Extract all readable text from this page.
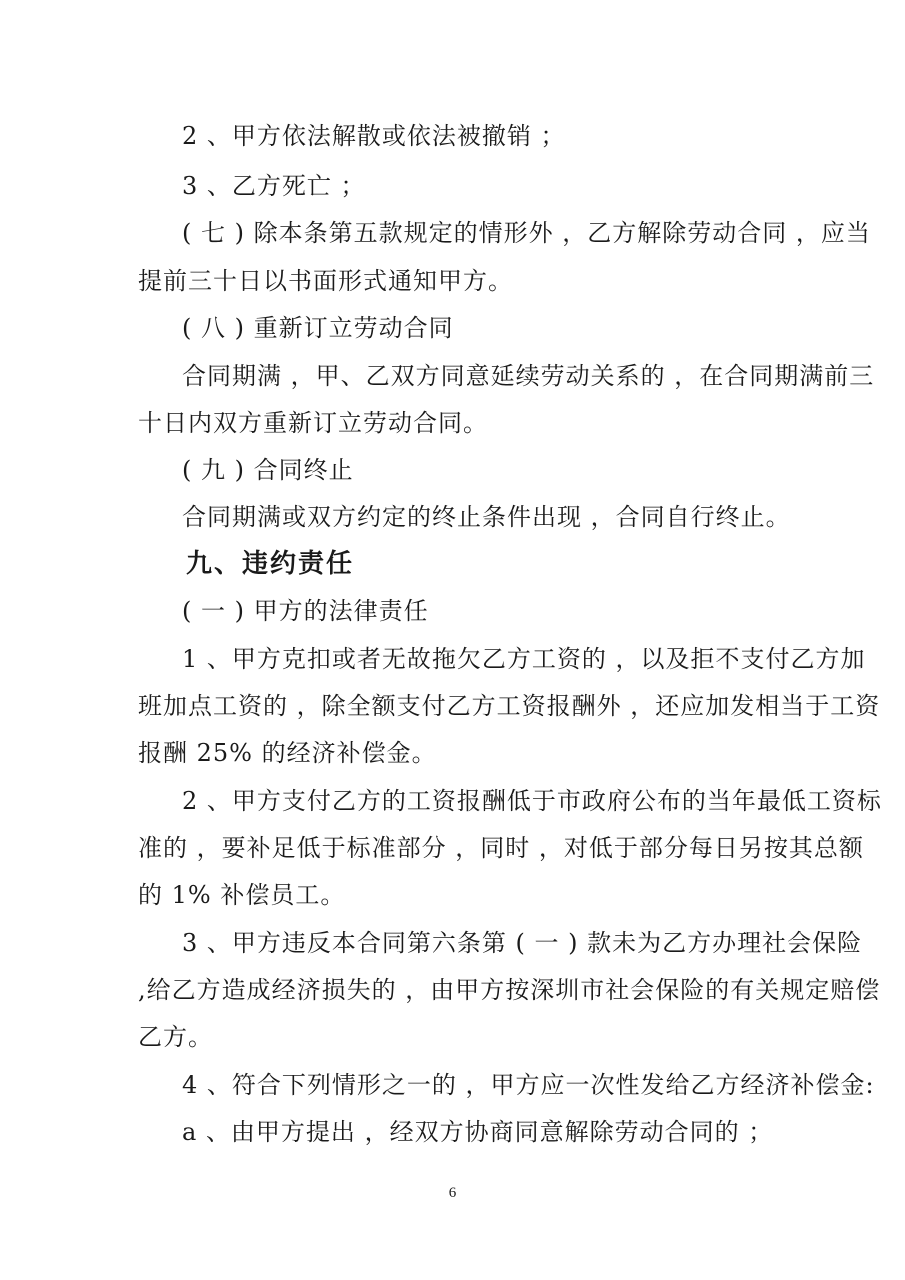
2 、甲方依法解散或依法被撤销 ；
3 、乙方死亡 ；
( 七 ) 除本条第五款规定的情形外 ，乙方解除劳动合同 ，应当
提前三十日以书面形式通知甲方。
( 八 ) 重新订立劳动合同
合同期满 ，甲、乙双方同意延续劳动关系的 ，在合同期满前三
十日内双方重新订立劳动合同。
( 九 ) 合同终止
合同期满或双方约定的终止条件出现 ，合同自行终止。
九、违约责任
( 一 ) 甲方的法律责任
1 、甲方克扣或者无故拖欠乙方工资的 ，以及拒不支付乙方加
班加点工资的 ，除全额支付乙方工资报酬外 ，还应加发相当于工资
报酬 25% 的经济补偿金。
2 、甲方支付乙方的工资报酬低于市政府公布的当年最低工资标
准的 ，要补足低于标准部分 ，同时 ，对低于部分每日另按其总额
的 1% 补偿员工。
3 、甲方违反本合同第六条第 ( 一 ) 款未为乙方办理社会保险
,给乙方造成经济损失的 ，由甲方按深圳市社会保险的有关规定赔偿
乙方。
4 、符合下列情形之一的 ，甲方应一次性发给乙方经济补偿金:
a 、由甲方提出 ，经双方协商同意解除劳动合同的 ；
6
